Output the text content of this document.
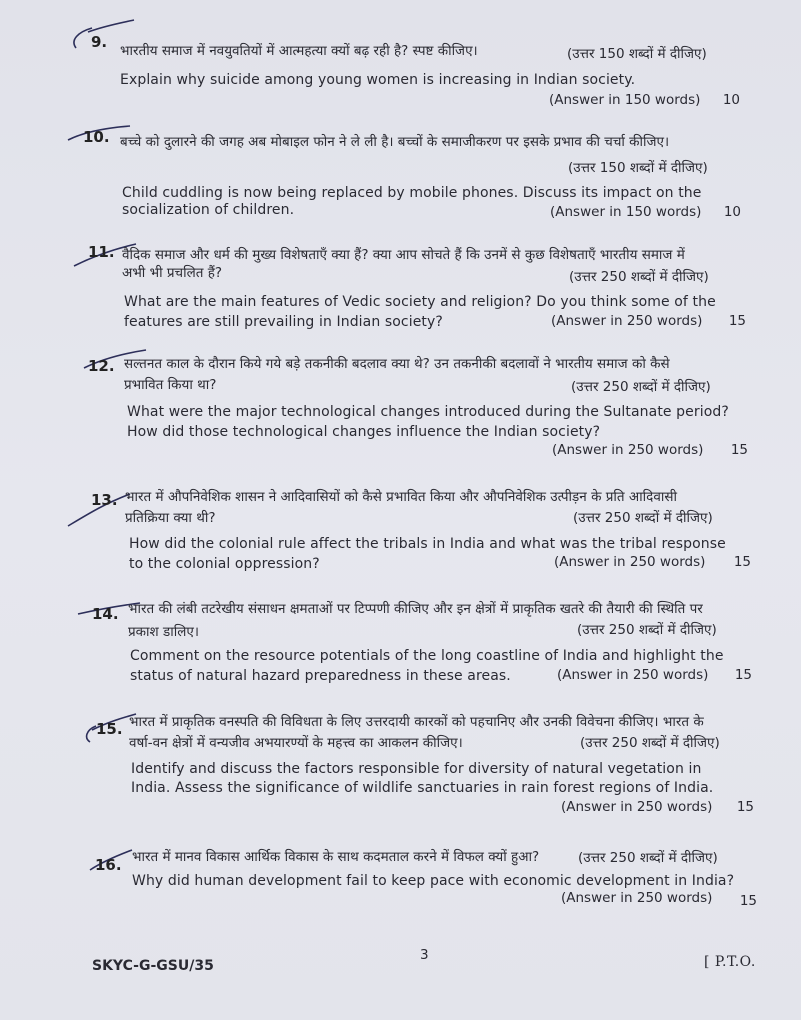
9. भारतीय समाज में नवयुवतियों में आत्महत्या क्यों बढ़ रही है? स्पष्ट कीजिए।	(उत्तर 150 शब्दों में दीजिए)
Explain why suicide among young women is increasing in Indian society.
(Answer in 150 words)	10
10. बच्चे को दुलारने की जगह अब मोबाइल फोन ने ले ली है। बच्चों के समाजीकरण पर इसके प्रभाव की चर्चा कीजिए।
(उत्तर 150 शब्दों में दीजिए)
Child cuddling is now being replaced by mobile phones. Discuss its impact on the
socialization of children.	(Answer in 150 words)	10
11. वैदिक समाज और धर्म की मुख्य विशेषताएँ क्या हैं? क्या आप सोचते हैं कि उनमें से कुछ विशेषताएँ भारतीय समाज में
अभी भी प्रचलित हैं?	(उत्तर 250 शब्दों में दीजिए)
What are the main features of Vedic society and religion? Do you think some of the
features are still prevailing in Indian society?	(Answer in 250 words)	15
12. सल्तनत काल के दौरान किये गये बड़े तकनीकी बदलाव क्या थे? उन तकनीकी बदलावों ने भारतीय समाज को कैसे
प्रभावित किया था?	(उत्तर 250 शब्दों में दीजिए)
What were the major technological changes introduced during the Sultanate period?
How did those technological changes influence the Indian society?
(Answer in 250 words)	15
13. भारत में औपनिवेशिक शासन ने आदिवासियों को कैसे प्रभावित किया और औपनिवेशिक उत्पीड़न के प्रति आदिवासी
प्रतिक्रिया क्या थी?	(उत्तर 250 शब्दों में दीजिए)
How did the colonial rule affect the tribals in India and what was the tribal response
to the colonial oppression?	(Answer in 250 words)	15
14. भारत की लंबी तटरेखीय संसाधन क्षमताओं पर टिप्पणी कीजिए और इन क्षेत्रों में प्राकृतिक खतरे की तैयारी की स्थिति पर
प्रकाश डालिए।	(उत्तर 250 शब्दों में दीजिए)
Comment on the resource potentials of the long coastline of India and highlight the
status of natural hazard preparedness in these areas.	(Answer in 250 words)	15
15. भारत में प्राकृतिक वनस्पति की विविधता के लिए उत्तरदायी कारकों को पहचानिए और उनकी विवेचना कीजिए। भारत के
वर्षा-वन क्षेत्रों में वन्यजीव अभयारण्यों के महत्त्व का आकलन कीजिए।	(उत्तर 250 शब्दों में दीजिए)
Identify and discuss the factors responsible for diversity of natural vegetation in
India. Assess the significance of wildlife sanctuaries in rain forest regions of India.
(Answer in 250 words)	15
16. भारत में मानव विकास आर्थिक विकास के साथ कदमताल करने में विफल क्यों हुआ?	(उत्तर 250 शब्दों में दीजिए)
Why did human development fail to keep pace with economic development in India?
(Answer in 250 words)	15
SKYC-G-GSU/35
3	[ P.T.O.
